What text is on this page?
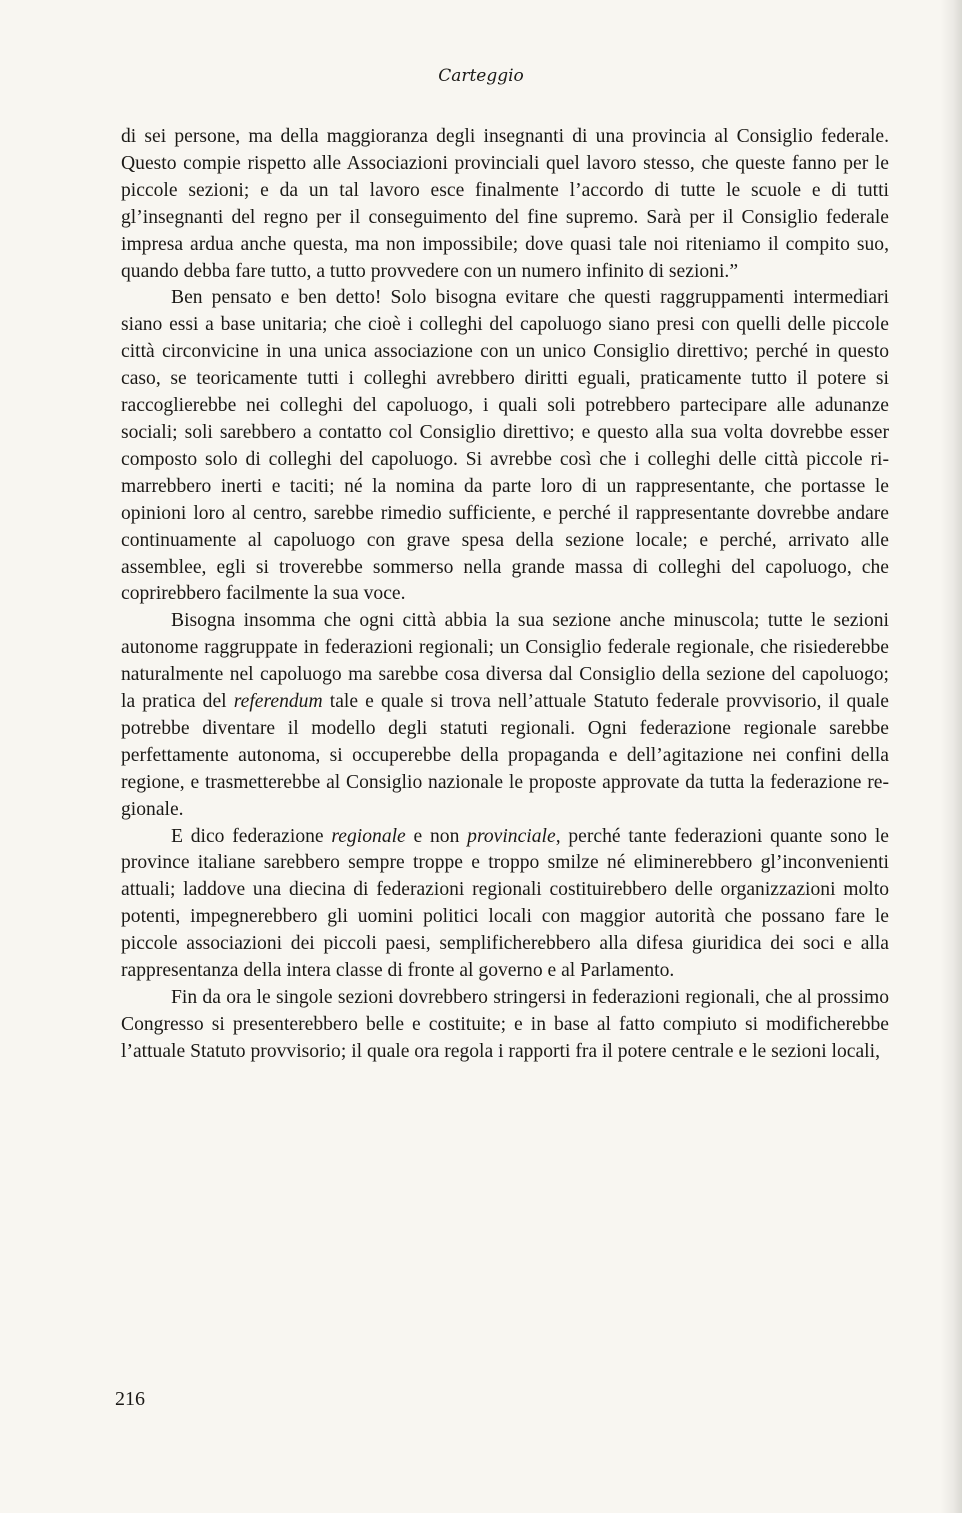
Carteggio

di sei persone, ma della maggioranza degli insegnanti di una provincia al Consiglio federale. Questo compie rispetto alle Associazioni provinciali quel lavoro stesso, che queste fanno per le piccole sezioni; e da un tal lavoro esce finalmente l’accordo di tutte le scuole e di tutti gl’insegnanti del regno per il conseguimento del fine supremo. Sarà per il Consiglio federale impresa ardua anche questa, ma non impossibile; dove quasi tale noi riteniamo il compito suo, quando debba fare tutto, a tutto provvedere con un numero infinito di sezioni.”

Ben pensato e ben detto! Solo bisogna evitare che questi raggruppamenti intermediari siano essi a base unitaria; che cioè i colleghi del capoluogo siano presi con quelli delle piccole città circonvicine in una unica associazione con un unico Consiglio direttivo; perché in questo caso, se teoricamente tutti i colleghi avrebbero diritti eguali, praticamente tutto il potere si raccoglierebbe nei colleghi del capoluogo, i quali soli potrebbero partecipare alle adunanze sociali; soli sarebbero a contatto col Consiglio direttivo; e questo alla sua volta dovrebbe esser composto solo di colleghi del capoluogo. Si avrebbe così che i colleghi delle città piccole rimarrebbero inerti e taciti; né la nomina da parte loro di un rappresentante, che portasse le opinioni loro al centro, sarebbe rimedio sufficiente, e perché il rappresentante dovrebbe andare continuamente al capoluogo con grave spesa della sezione locale; e perché, arrivato alle assemblee, egli si troverebbe sommerso nella grande massa di colleghi del capoluogo, che coprirebbero facilmente la sua voce.

Bisogna insomma che ogni città abbia la sua sezione anche minuscola; tutte le sezioni autonome raggruppate in federazioni regionali; un Consiglio federale regionale, che risiederebbe naturalmente nel capoluogo ma sarebbe cosa diversa dal Consiglio della sezione del capoluogo; la pratica del referendum tale e quale si trova nell’attuale Statuto federale provvisorio, il quale potrebbe diventare il modello degli statuti regionali. Ogni federazione regionale sarebbe perfettamente autonoma, si occuperebbe della propaganda e dell’agitazione nei confini della regione, e trasmetterebbe al Consiglio nazionale le proposte approvate da tutta la federazione regionale.

E dico federazione regionale e non provinciale, perché tante federazioni quante sono le province italiane sarebbero sempre troppe e troppo smilze né eliminerebbero gl’inconvenienti attuali; laddove una diecina di federazioni regionali costituirebbero delle organizzazioni molto potenti, impegnerebbero gli uomini politici locali con maggior autorità che possano fare le piccole associazioni dei piccoli paesi, semplificherebbero alla difesa giuridica dei soci e alla rappresentanza della intera classe di fronte al governo e al Parlamento.

Fin da ora le singole sezioni dovrebbero stringersi in federazioni regionali, che al prossimo Congresso si presenterebbero belle e costituite; e in base al fatto compiuto si modificherebbe l’attuale Statuto provvisorio; il quale ora regola i rapporti fra il potere centrale e le sezioni locali,

216
